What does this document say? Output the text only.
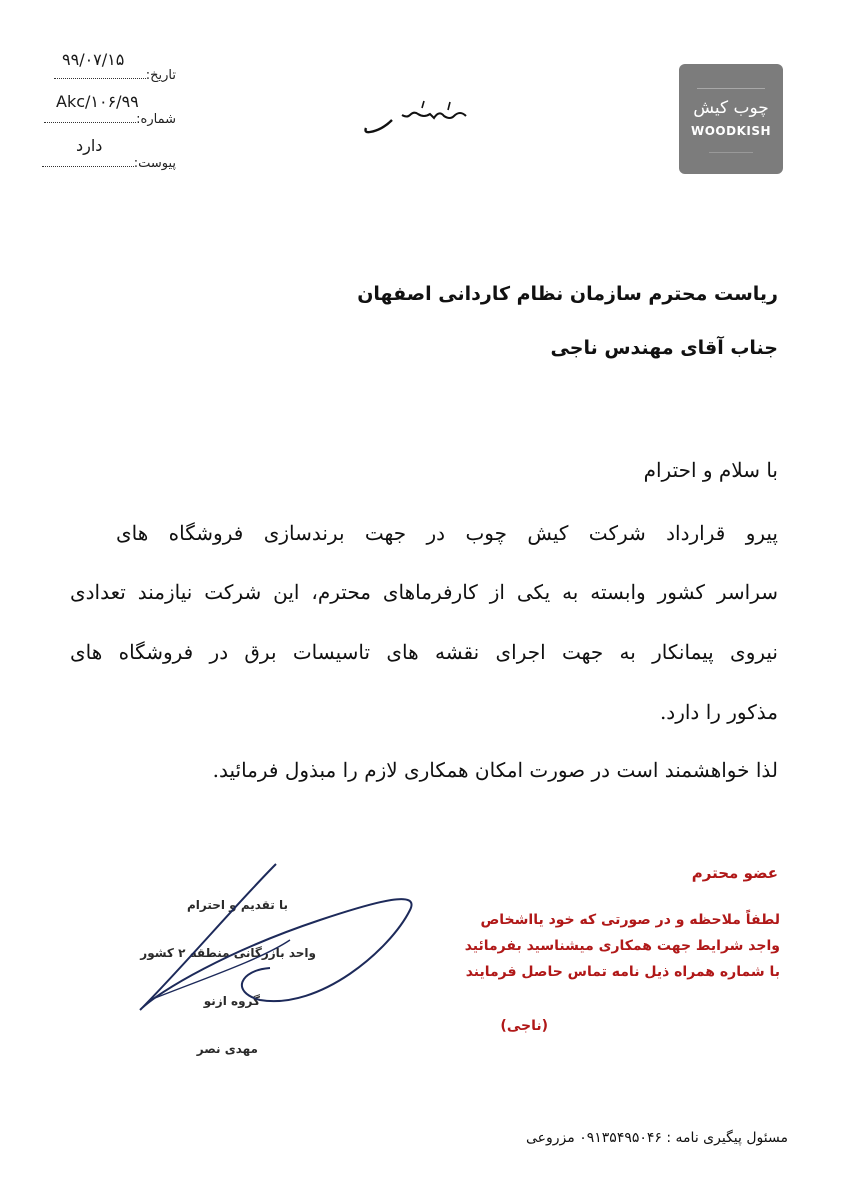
تاریخ:
۹۹/۰۷/۱۵
شماره:
Akc/۱۰۶/۹۹
پیوست:
دارد
چوب کیش
WOODKISH
ریاست محترم سازمان نظام کاردانی اصفهان
جناب آقای مهندس ناجی
با سلام و احترام
پیرو قرارداد شرکت کیش چوب در جهت برندسازی فروشگاه های
سراسر کشور وابسته به یکی از کارفرماهای محترم، این شرکت نیازمند تعدادی
نیروی پیمانکار به جهت اجرای نقشه های تاسیسات برق در فروشگاه های
مذکور را دارد.
لذا خواهشمند است در صورت امکان همکاری لازم را مبذول فرمائید.
با تقدیم و احترام
واحد بازرگانی منطقه ۲ کشور
گروه ازنو
مهدی نصر
عضو محترم
لطفاً ملاحظه و در صورتی که خود یااشخاص
واجد شرایط جهت همکاری میشناسید بفرمائید
با شماره همراه ذیل نامه تماس حاصل فرمایند
(ناجی)
مسئول پیگیری نامه : ۰۹۱۳۵۴۹۵۰۴۶ مزروعی
